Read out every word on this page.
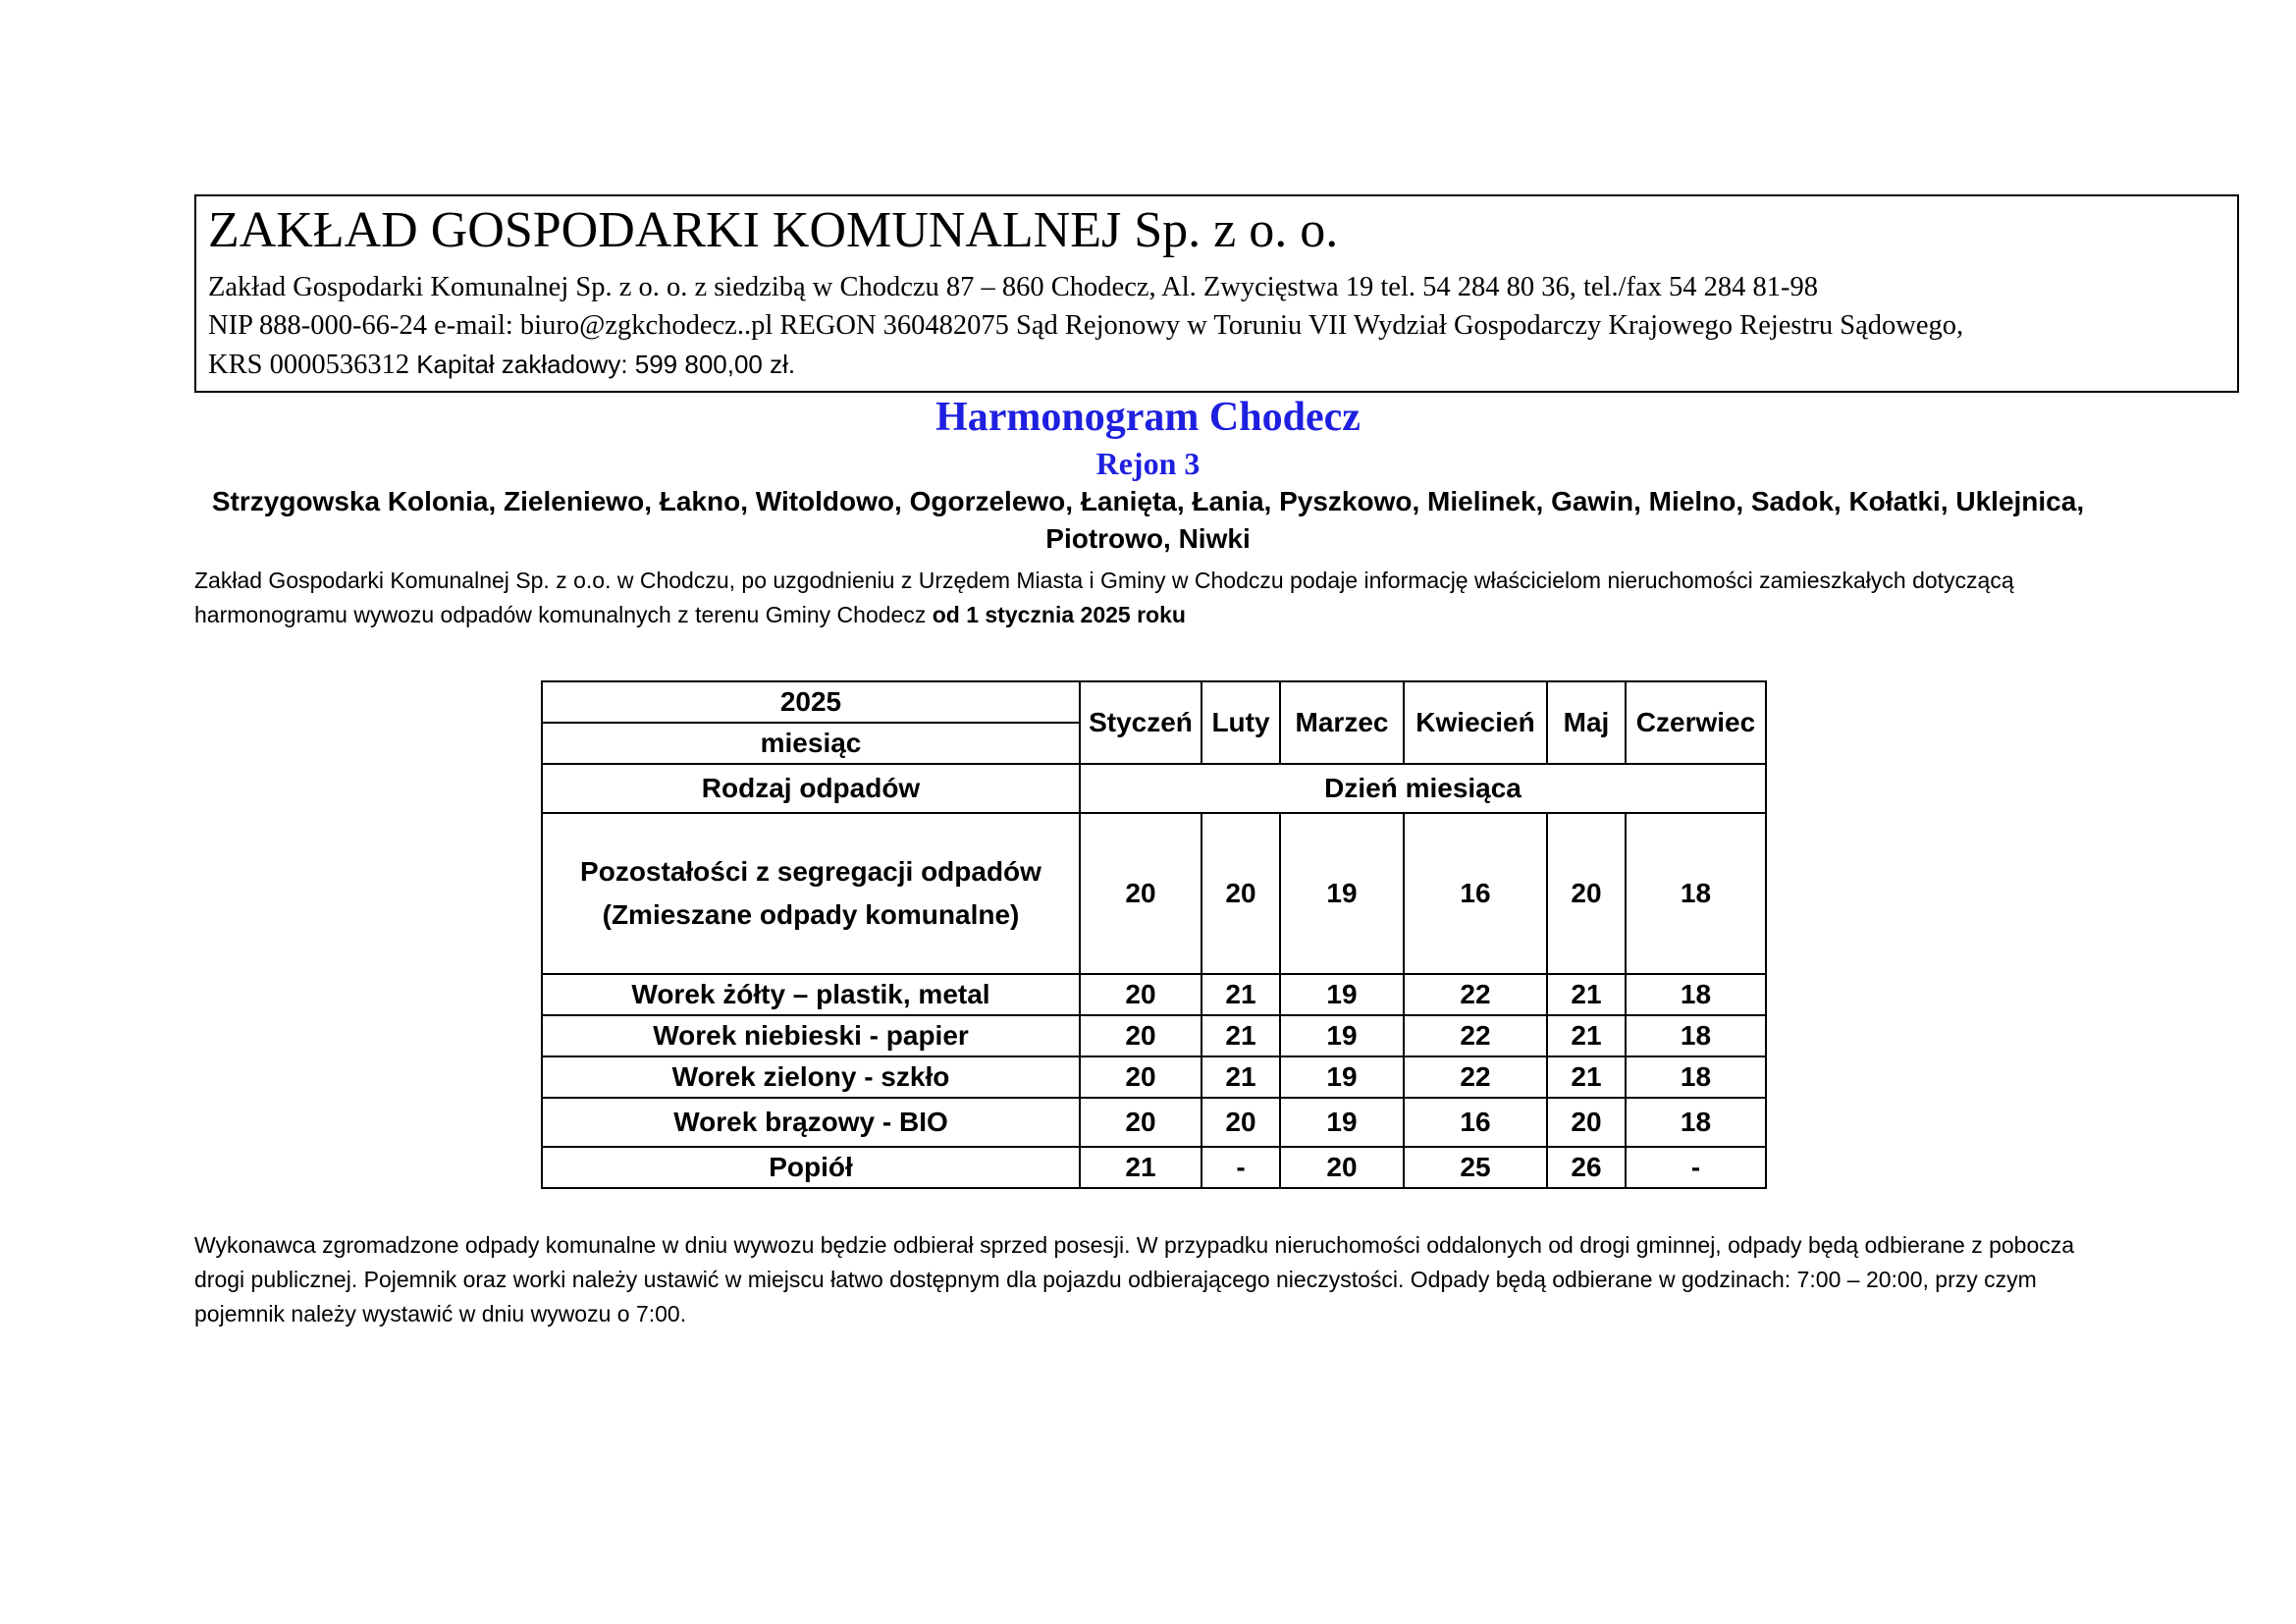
ZAKŁAD GOSPODARKI KOMUNALNEJ Sp. z o. o.
Zakład Gospodarki Komunalnej Sp. z o. o. z siedzibą w Chodczu 87 – 860 Chodecz, Al. Zwycięstwa 19 tel. 54 284 80 36, tel./fax 54 284 81-98
NIP 888-000-66-24 e-mail: biuro@zgkchodecz..pl REGON 360482075 Sąd Rejonowy w Toruniu VII Wydział Gospodarczy Krajowego Rejestru Sądowego,
KRS 0000536312 Kapitał zakładowy: 599 800,00 zł.
Harmonogram Chodecz
Rejon 3
Strzygowska Kolonia, Zieleniewo, Łakno, Witoldowo, Ogorzelewo, Łanięta, Łania, Pyszkowo, Mielinek, Gawin, Mielno, Sadok, Kołatki, Uklejnica, Piotrowo, Niwki
Zakład Gospodarki Komunalnej Sp. z o.o. w Chodczu, po uzgodnieniu z Urzędem Miasta i Gminy w Chodczu podaje informację właścicielom nieruchomości zamieszkałych dotyczącą harmonogramu wywozu odpadów komunalnych z terenu Gminy Chodecz od 1 stycznia 2025 roku
2025	Styczeń	Luty	Marzec	Kwiecień	Maj	Czerwiec
miesiąc						
Rodzaj odpadów	Dzień miesiąca					
Pozostałości z segregacji odpadów
(Zmieszane odpady komunalne)	20	20	19	16	20	18
Worek żółty – plastik, metal	20	21	19	22	21	18
Worek niebieski - papier	20	21	19	22	21	18
Worek zielony - szkło	20	21	19	22	21	18
Worek brązowy - BIO	20	20	19	16	20	18
Popiół	21	-	20	25	26	-
Wykonawca zgromadzone odpady komunalne w dniu wywozu będzie odbierał sprzed posesji. W przypadku nieruchomości oddalonych od drogi gminnej, odpady będą odbierane z pobocza drogi publicznej. Pojemnik oraz worki należy ustawić w miejscu łatwo dostępnym dla pojazdu odbierającego nieczystości. Odpady będą odbierane w godzinach: 7:00 – 20:00, przy czym pojemnik należy wystawić w dniu wywozu o 7:00.
